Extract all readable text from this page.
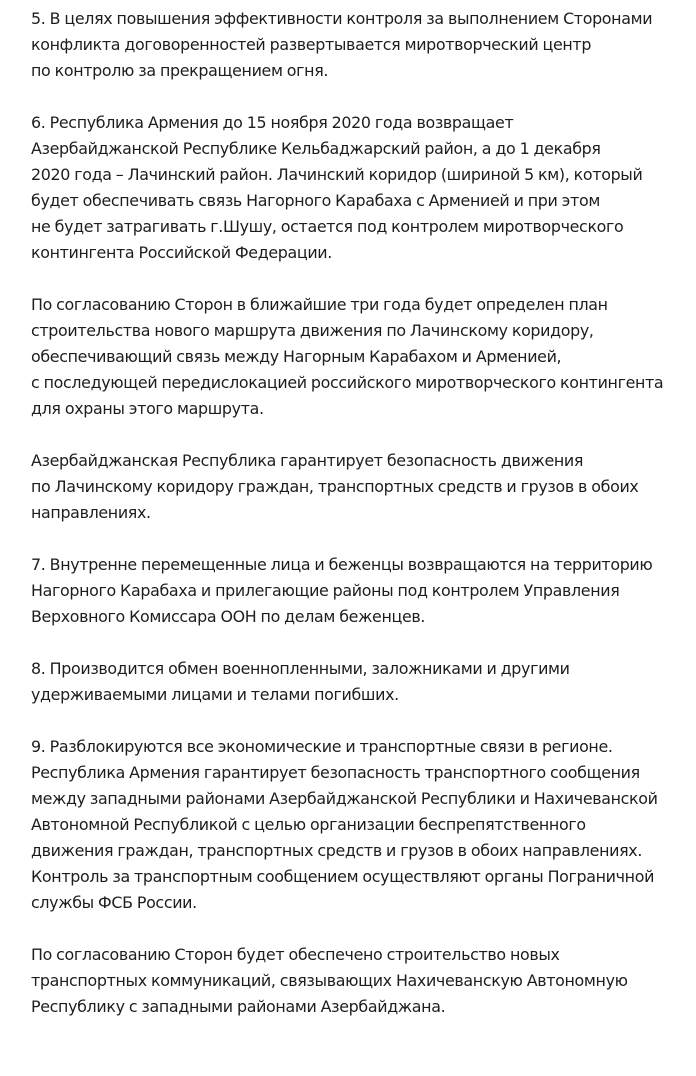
5. В целях повышения эффективности контроля за выполнением Сторонами конфликта договоренностей развертывается миротворческий центр по контролю за прекращением огня.

6. Республика Армения до 15 ноября 2020 года возвращает Азербайджанской Республике Кельбаджарский район, а до 1 декабря 2020 года – Лачинский район. Лачинский коридор (шириной 5 км), который будет обеспечивать связь Нагорного Карабаха с Арменией и при этом не будет затрагивать г.Шушу, остается под контролем миротворческого контингента Российской Федерации.

По согласованию Сторон в ближайшие три года будет определен план строительства нового маршрута движения по Лачинскому коридору, обеспечивающий связь между Нагорным Карабахом и Арменией, с последующей передислокацией российского миротворческого контингента для охраны этого маршрута.

Азербайджанская Республика гарантирует безопасность движения по Лачинскому коридору граждан, транспортных средств и грузов в обоих направлениях.

7. Внутренне перемещенные лица и беженцы возвращаются на территорию Нагорного Карабаха и прилегающие районы под контролем Управления Верховного Комиссара ООН по делам беженцев.

8. Производится обмен военнопленными, заложниками и другими удерживаемыми лицами и телами погибших.

9. Разблокируются все экономические и транспортные связи в регионе. Республика Армения гарантирует безопасность транспортного сообщения между западными районами Азербайджанской Республики и Нахичеванской Автономной Республикой с целью организации беспрепятственного движения граждан, транспортных средств и грузов в обоих направлениях. Контроль за транспортным сообщением осуществляют органы Пограничной службы ФСБ России.

По согласованию Сторон будет обеспечено строительство новых транспортных коммуникаций, связывающих Нахичеванскую Автономную Республику с западными районами Азербайджана.
